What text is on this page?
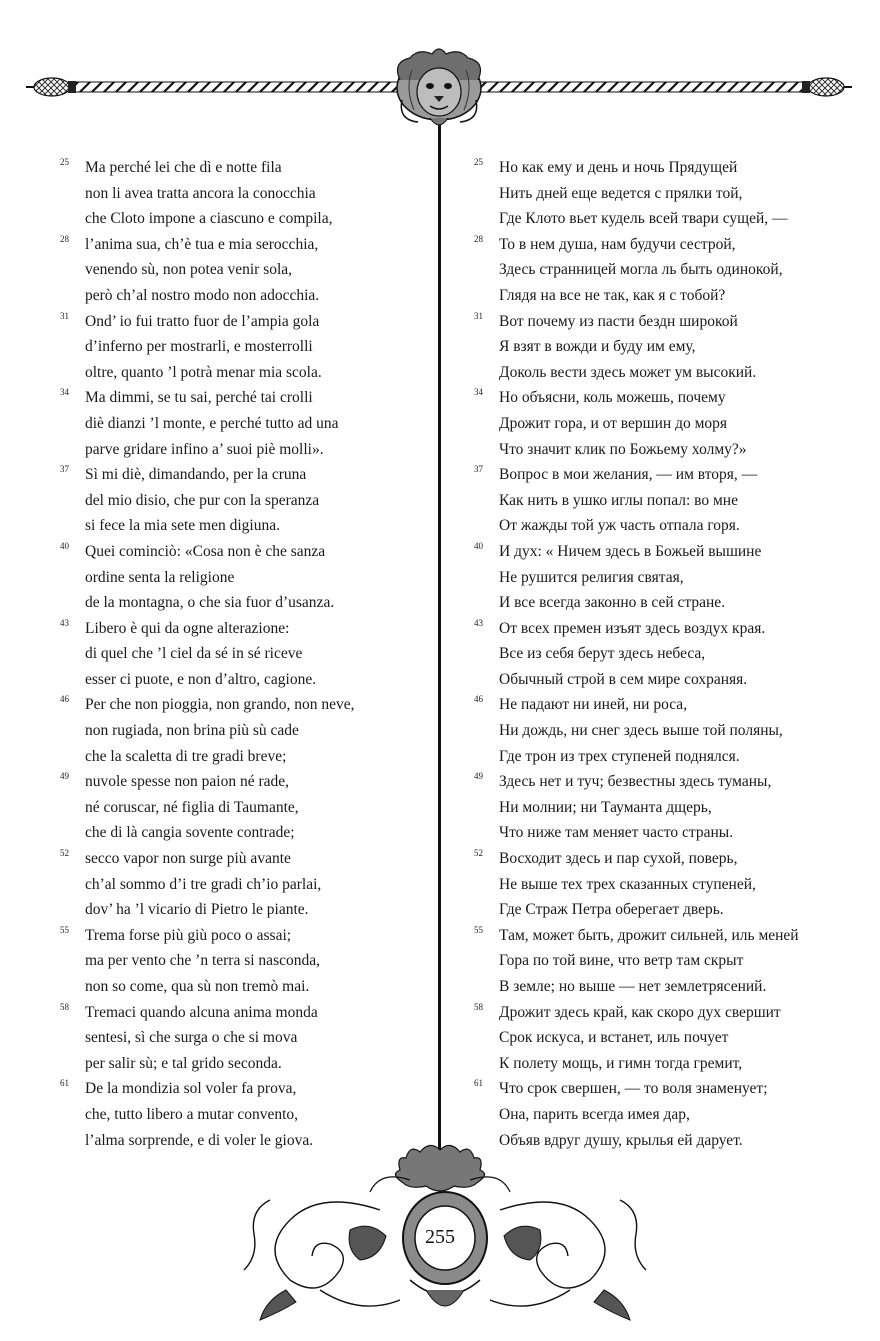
25	Ma perché lei che dì e notte fila
non li avea tratta ancora la conocchia
che Cloto impone a ciascuno e compila,
28	l’anima sua, ch’è tua e mia serocchia,
venendo sù, non potea venir sola,
però ch’al nostro modo non adocchia.
31	Ond’ io fui tratto fuor de l’ampia gola
d’inferno per mostrarli, e mosterrolli
oltre, quanto ’l potrà menar mia scola.
34	Ma dimmi, se tu sai, perché tai crolli
diè dianzi ’l monte, e perché tutto ad una
parve gridare infino a’ suoi piè molli».
37	Sì mi diè, dimandando, per la cruna
del mio disio, che pur con la speranza
si fece la mia sete men digiuna.
40	Quei cominciò: «Cosa non è che sanza
ordine senta la religione
de la montagna, o che sia fuor d’usanza.
43	Libero è qui da ogne alterazione:
di quel che ’l ciel da sé in sé riceve
esser ci puote, e non d’altro, cagione.
46	Per che non pioggia, non grando, non neve,
non rugiada, non brina più sù cade
che la scaletta di tre gradi breve;
49	nuvole spesse non paion né rade,
né coruscar, né figlia di Taumante,
che di là cangia sovente contrade;
52	secco vapor non surge più avante
ch’al sommo d’i tre gradi ch’io parlai,
dov’ ha ’l vicario di Pietro le piante.
55	Trema forse più giù poco o assai;
ma per vento che ’n terra si nasconda,
non so come, qua sù non tremò mai.
58	Tremaci quando alcuna anima monda
sentesi, sì che surga o che si mova
per salir sù; e tal grido seconda.
61	De la mondizia sol voler fa prova,
che, tutto libero a mutar convento,
l’alma sorprende, e di voler le giova.
25	Но как ему и день и ночь Прядущей
Нить дней еще ведется с прялки той,
Где Клото вьет кудель всей твари сущей, —
28	То в нем душа, нам будучи сестрой,
Здесь странницей могла ль быть одинокой,
Глядя на все не так, как я с тобой?
31	Вот почему из пасти бездн широкой
Я взят в вожди и буду им ему,
Доколь вести здесь может ум высокий.
34	Но объясни, коль можешь, почему
Дрожит гора, и от вершин до моря
Что значит клик по Божьему холму?»
37	Вопрос в мои желания, — им вторя, —
Как нить в ушко иглы попал: во мне
От жажды той уж часть отпала горя.
40	И дух: « Ничем здесь в Божьей вышине
Не рушится религия святая,
И все всегда законно в сей стране.
43	От всех премен изъят здесь воздух края.
Все из себя берут здесь небеса,
Обычный строй в сем мире сохраняя.
46	Не падают ни иней, ни роса,
Ни дождь, ни снег здесь выше той поляны,
Где трон из трех ступеней поднялся.
49	Здесь нет и туч; безвестны здесь туманы,
Ни молнии; ни Тауманта дщерь,
Что ниже там меняет часто страны.
52	Восходит здесь и пар сухой, поверь,
Не выше тех трех сказанных ступеней,
Где Страж Петра оберегает дверь.
55	Там, может быть, дрожит сильней, иль меней
Гора по той вине, что ветр там скрыт
В земле; но выше — нет землетрясений.
58	Дрожит здесь край, как скоро дух свершит
Срок искуса, и встанет, иль почует
К полету мощь, и гимн тогда гремит,
61	Что срок свершен, — то воля знаменует;
Она, парить всегда имея дар,
Объяв вдруг душу, крылья ей дарует.
255
